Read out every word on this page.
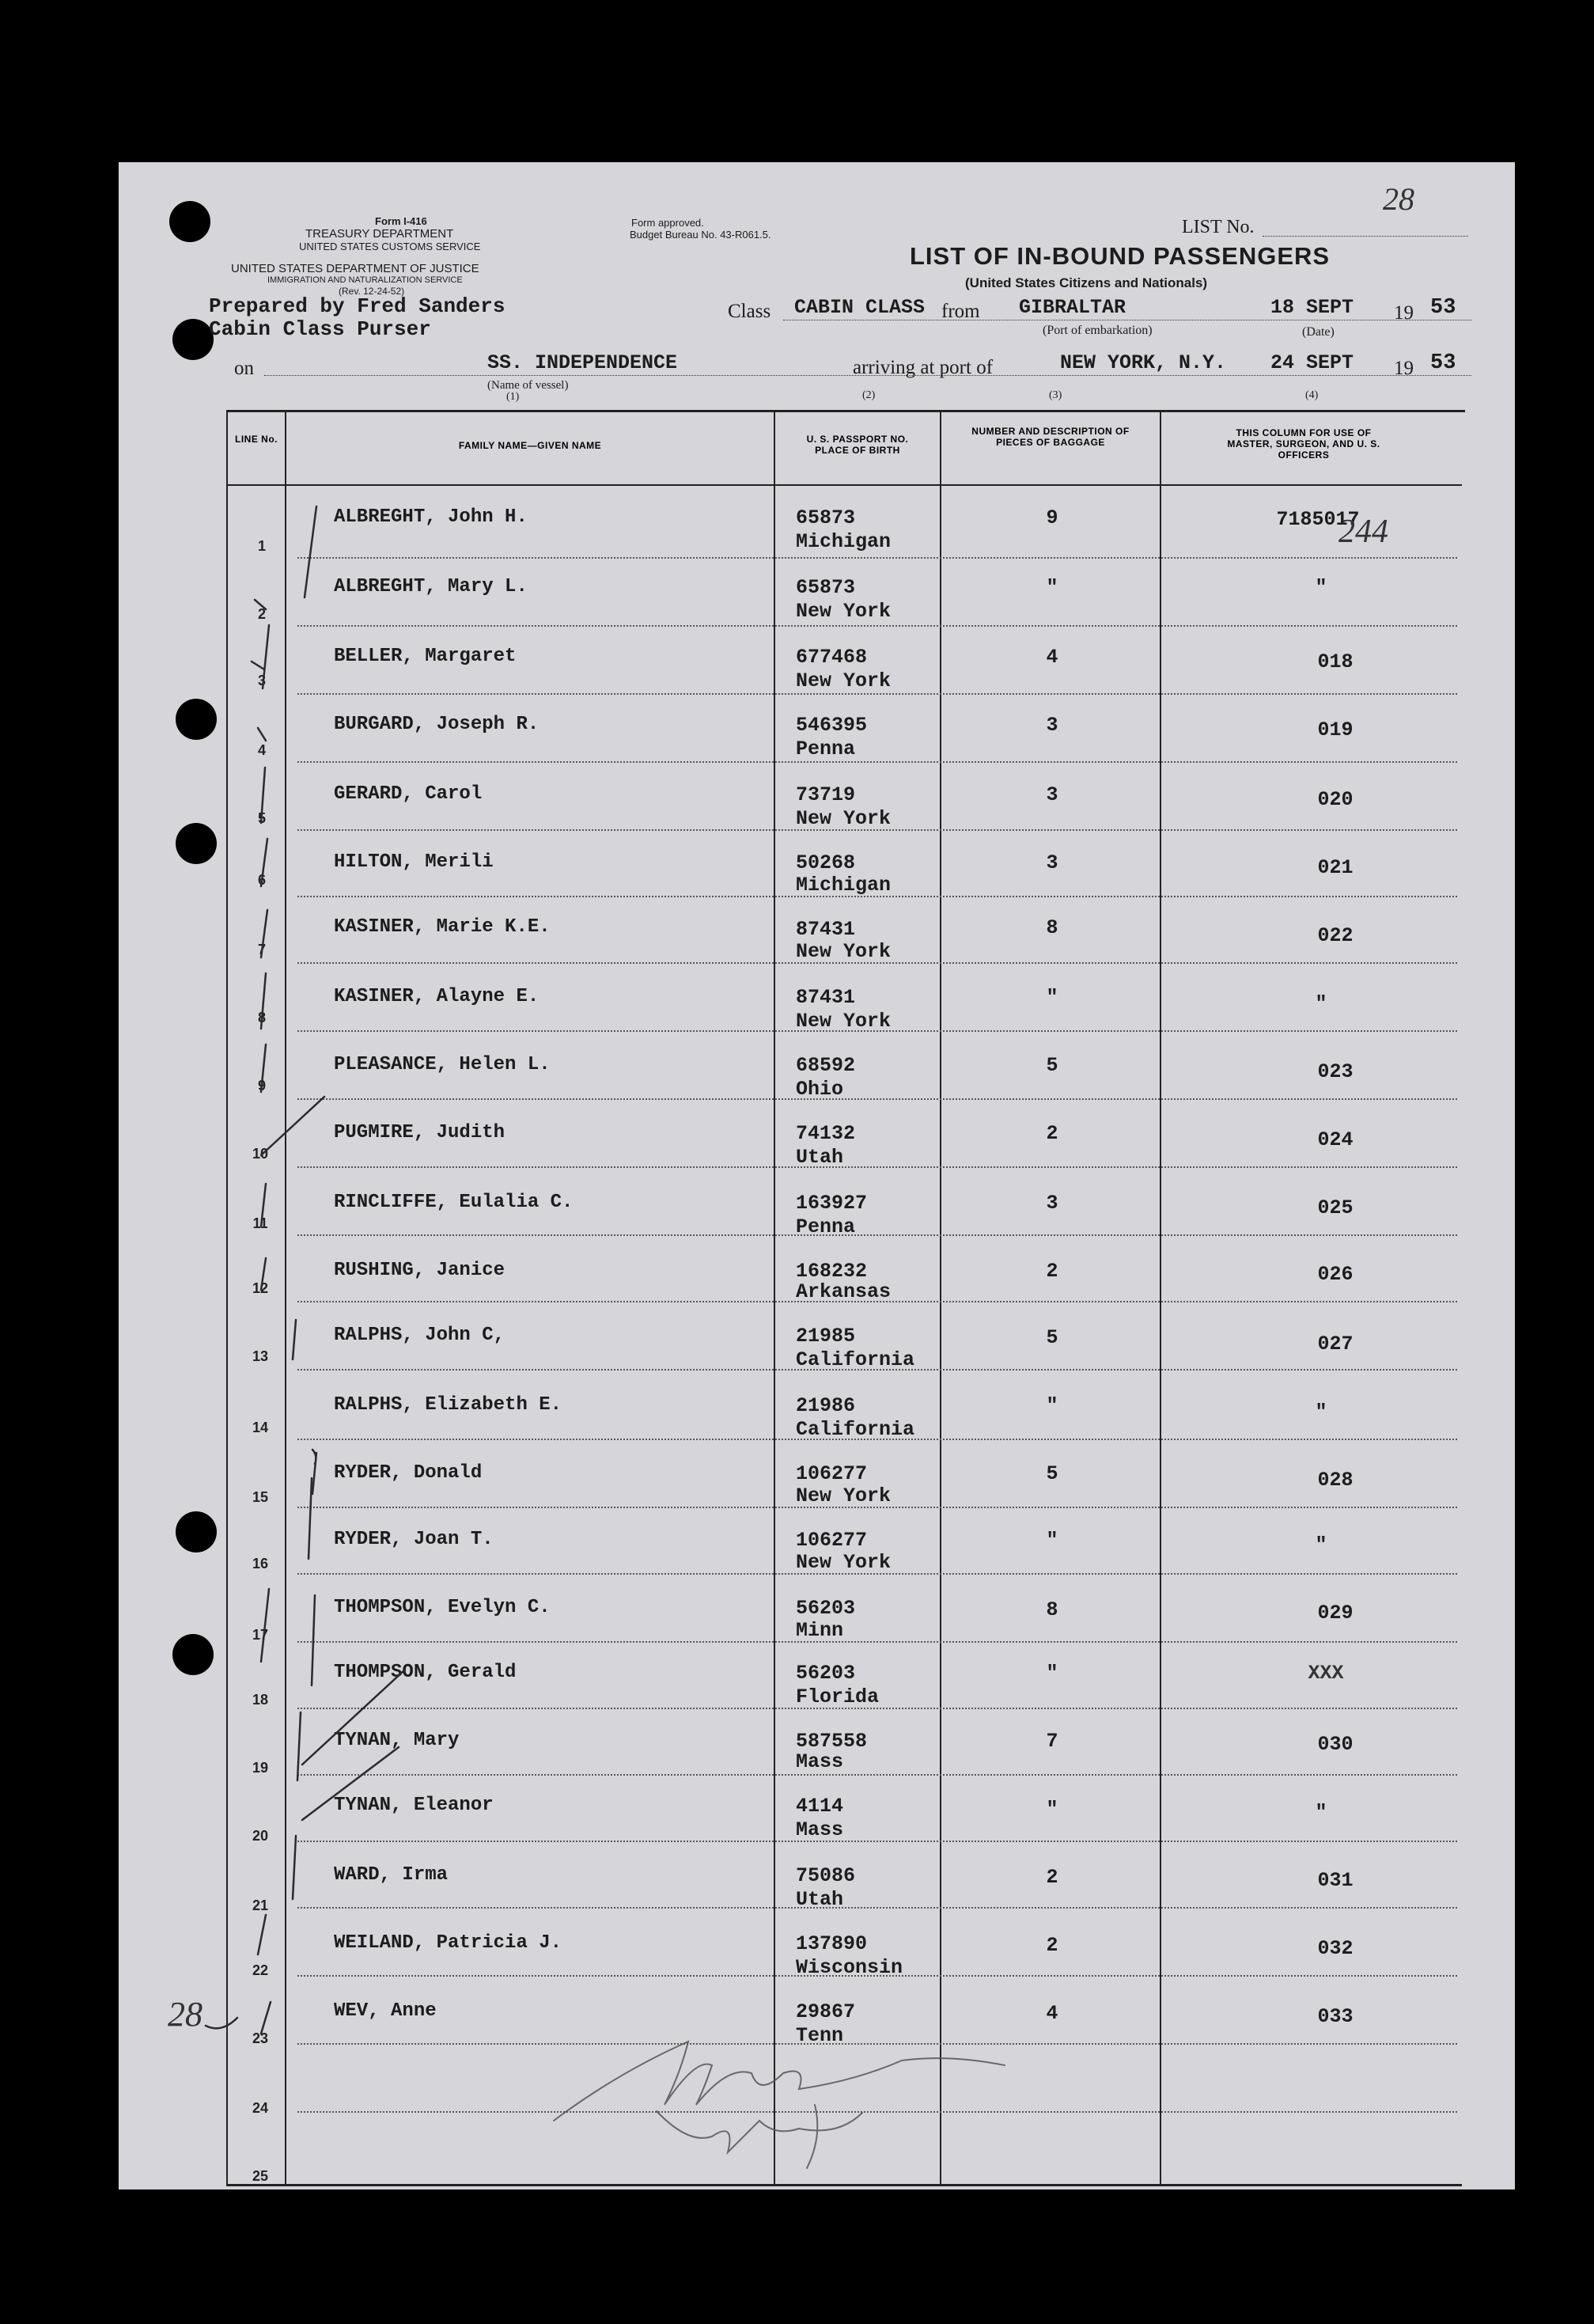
Form I-416
TREASURY DEPARTMENT
UNITED STATES CUSTOMS SERVICE
Form approved.
Budget Bureau No. 43-R061.5.
UNITED STATES DEPARTMENT OF JUSTICE
IMMIGRATION AND NATURALIZATION SERVICE
(Rev. 12-24-52)
LIST No.
28
LIST OF IN-BOUND PASSENGERS
(United States Citizens and Nationals)
Prepared by Fred Sanders
Cabin Class Purser
Class CABIN CLASS from GIBRALTAR	18 SEPT 19 53
(Port of embarkation)	(Date)
on	SS. INDEPENDENCE	arriving at port of	NEW YORK, N.Y. 24 SEPT 19 53
(Name of vessel)
(1)	(2)	(3)	(4)
LINE No.
FAMILY NAME—GIVEN NAME
U. S. PASSPORT NO. PLACE OF BIRTH
NUMBER AND DESCRIPTION OF PIECES OF BAGGAGE
THIS COLUMN FOR USE OF MASTER, SURGEON, AND U. S. OFFICERS
1
ALBREGHT, John H.	65873
Michigan
9	7185017
2
ALBREGHT, Mary L.	65873
New York
"	"
3
BELLER, Margaret	677468
New York
4	018
4
BURGARD, Joseph R.	546395
Penna
3	019
5
GERARD, Carol	73719
New York
3	020
6
HILTON, Merili	50268
Michigan
3	021
7
KASINER, Marie K.E.	87431
New York
8	022
8
KASINER, Alayne E.	87431
New York
"	"
9
PLEASANCE, Helen L.	68592
Ohio
5	023
10
PUGMIRE, Judith	74132
Utah
2	024
11
RINCLIFFE, Eulalia C.	163927
Penna
3	025
12
RUSHING, Janice	168232
Arkansas
2	026
13
RALPHS, John C,	21985
California
5	027
14
RALPHS, Elizabeth E.	21986
California
"	"
15
RYDER, Donald	106277
New York
5	028
16
RYDER, Joan T.	106277
New York
"	"
17
THOMPSON, Evelyn C.	56203
Minn
8	029
18
THOMPSON, Gerald	56203
Florida
"	XXX
19
TYNAN, Mary	587558
Mass
7	030
20
TYNAN, Eleanor	4114
Mass
"	"
21
WARD, Irma	75086
Utah
2	031
22
WEILAND, Patricia J.	137890
Wisconsin
2	032
23
WEV, Anne	29867
Tenn
4	033
24
25
244
28
